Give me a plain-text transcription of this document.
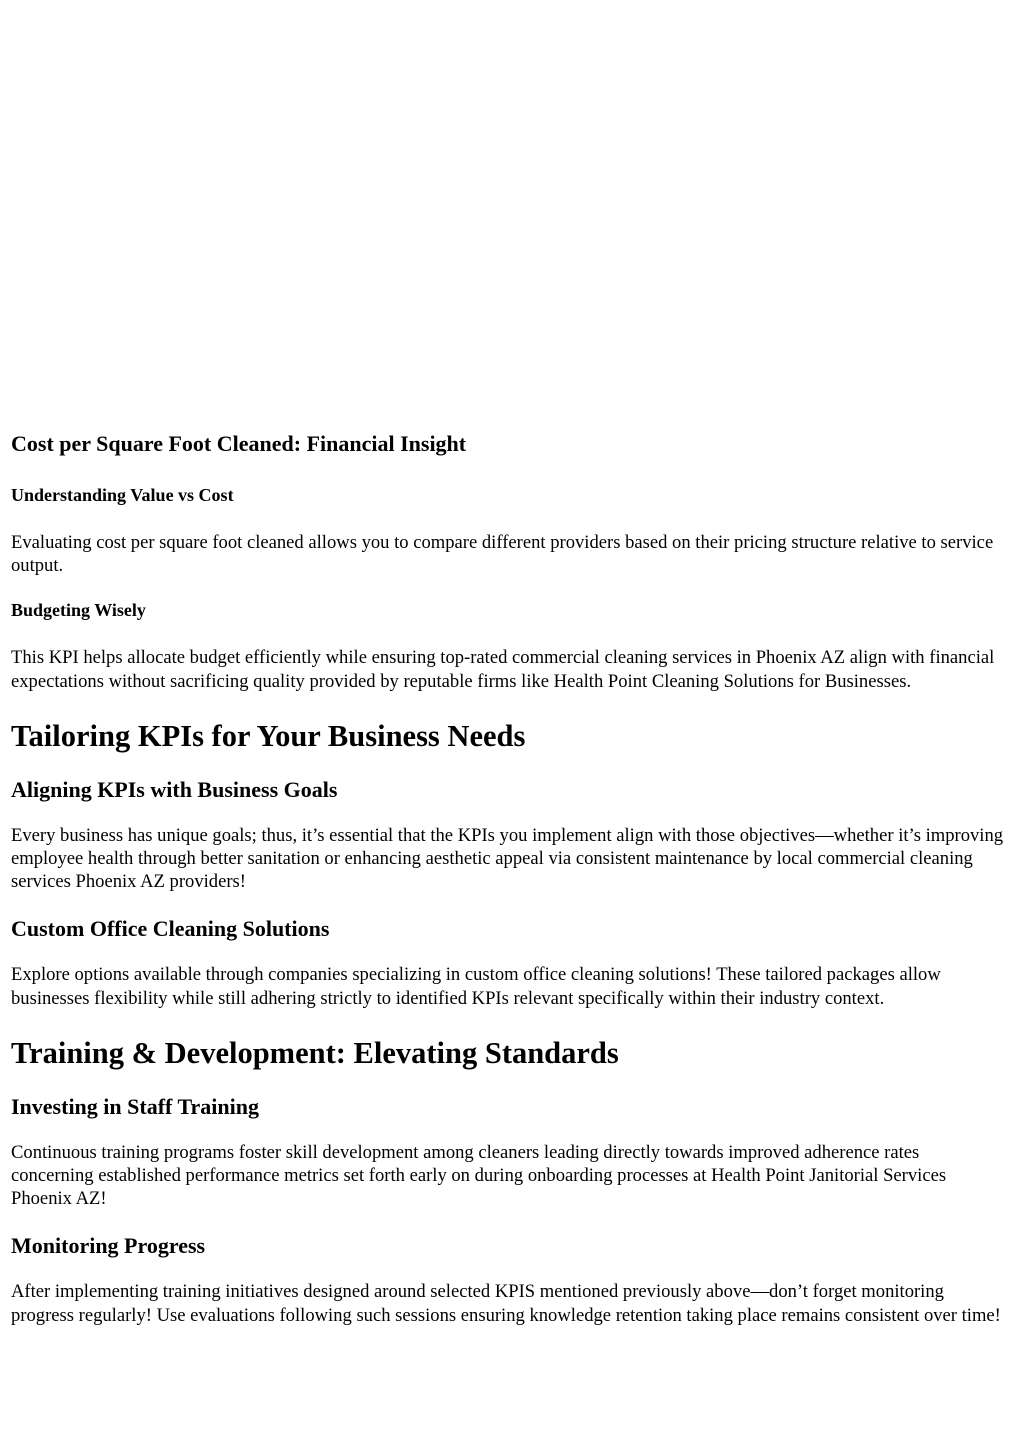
Cost per Square Foot Cleaned: Financial Insight
Understanding Value vs Cost

Evaluating cost per square foot cleaned allows you to compare different providers based on their pricing structure relative to service output.

Budgeting Wisely

This KPI helps allocate budget efficiently while ensuring top-rated commercial cleaning services in Phoenix AZ align with financial expectations without sacrificing quality provided by reputable firms like Health Point Cleaning Solutions for Businesses.

Tailoring KPIs for Your Business Needs
Aligning KPIs with Business Goals

Every business has unique goals; thus, it’s essential that the KPIs you implement align with those objectives—whether it’s improving employee health through better sanitation or enhancing aesthetic appeal via consistent maintenance by local commercial cleaning services Phoenix AZ providers!

Custom Office Cleaning Solutions

Explore options available through companies specializing in custom office cleaning solutions! These tailored packages allow businesses flexibility while still adhering strictly to identified KPIs relevant specifically within their industry context.

Training & Development: Elevating Standards
Investing in Staff Training

Continuous training programs foster skill development among cleaners leading directly towards improved adherence rates concerning established performance metrics set forth early on during onboarding processes at Health Point Janitorial Services Phoenix AZ!

Monitoring Progress

After implementing training initiatives designed around selected KPIS mentioned previously above—don’t forget monitoring progress regularly! Use evaluations following such sessions ensuring knowledge retention taking place remains consistent over time!
